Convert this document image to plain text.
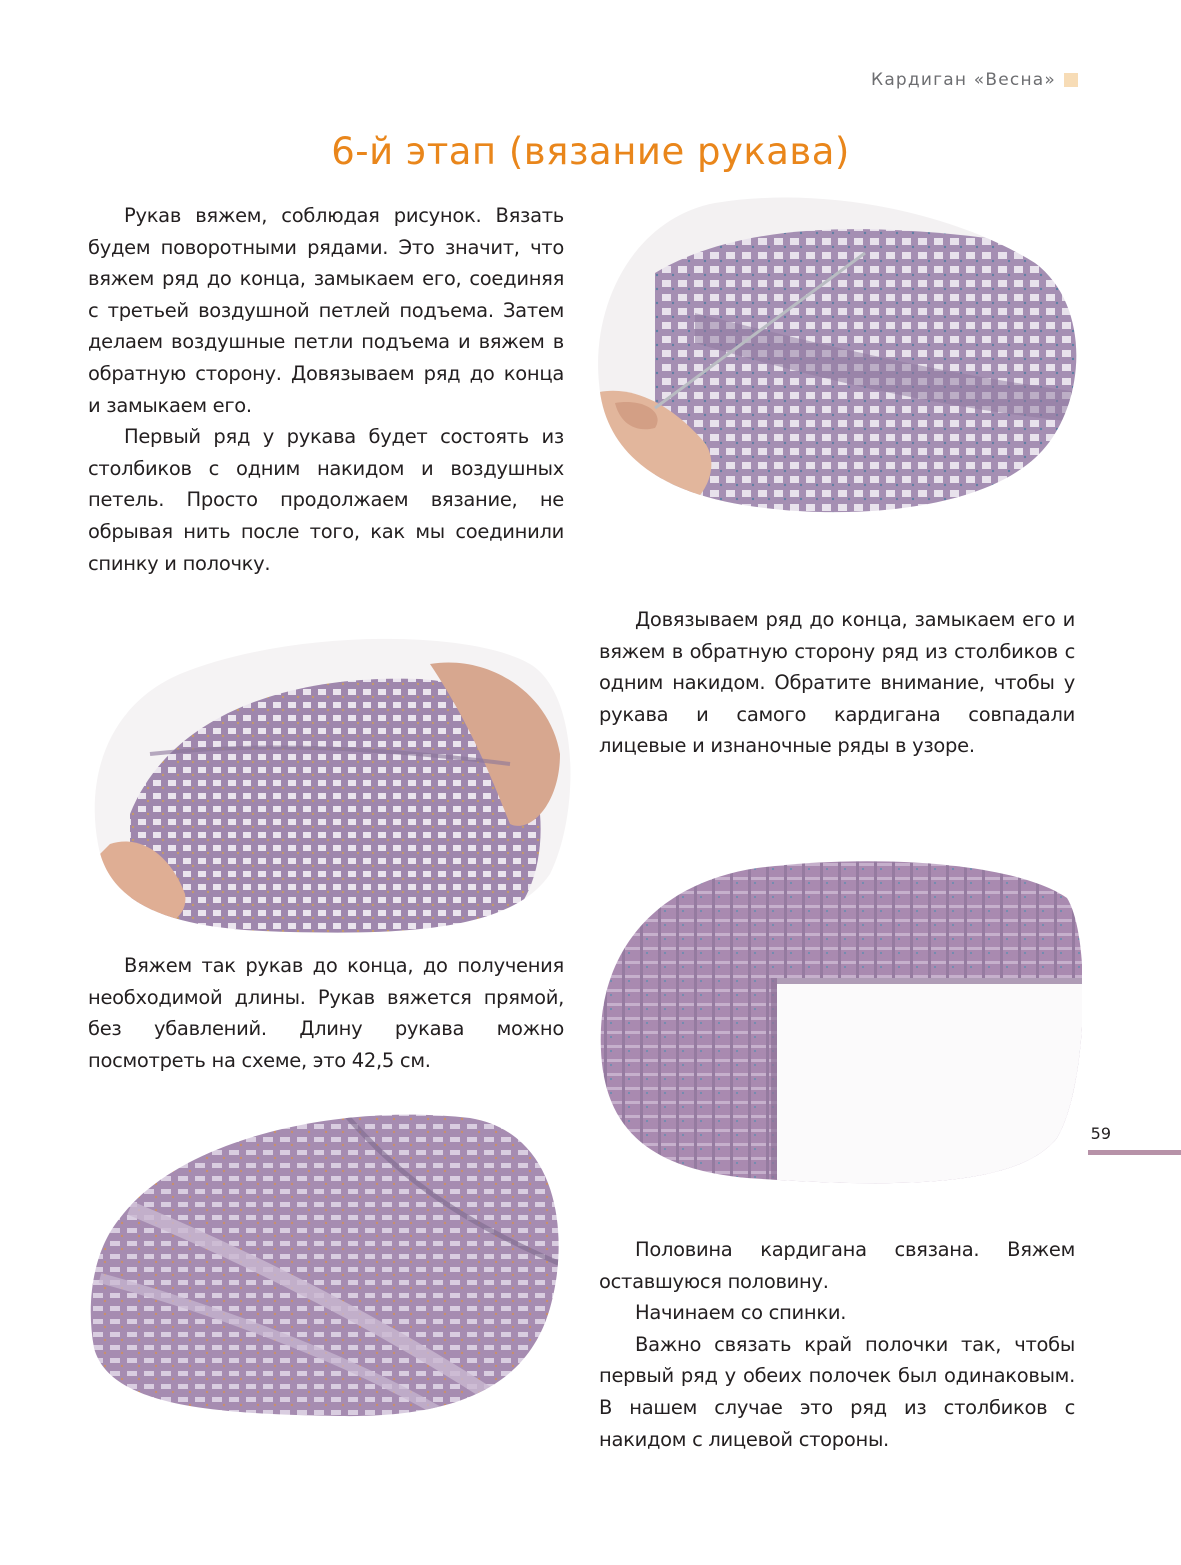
Кардиган «Весна»
6-й этап (вязание рукава)

Рукав вяжем, соблюдая рисунок. Вязать будем поворотными рядами. Это значит, что вяжем ряд до конца, замыкаем его, соединяя с третьей воздушной петлей подъема. Затем делаем воздушные петли подъема и вяжем в обратную сторону. Довязываем ряд до конца и замыкаем его.

Первый ряд у рукава будет состоять из столбиков с одним накидом и воздушных петель. Просто продолжаем вязание, не обрывая нить после того, как мы соединили спинку и полочку.

Довязываем ряд до конца, замыкаем его и вяжем в обратную сторону ряд из столбиков с одним накидом. Обратите внимание, чтобы у рукава и самого кардигана совпадали лицевые и изнаночные ряды в узоре.

Вяжем так рукав до конца, до получения необходимой длины. Рукав вяжется прямой, без убавлений. Длину рукава можно посмотреть на схеме, это 42,5 см.

Половина кардигана связана. Вяжем оставшуюся половину.

Начинаем со спинки.

Важно связать край полочки так, чтобы первый ряд у обеих полочек был одинаковым. В нашем случае это ряд из столбиков с накидом с лицевой стороны.

59
